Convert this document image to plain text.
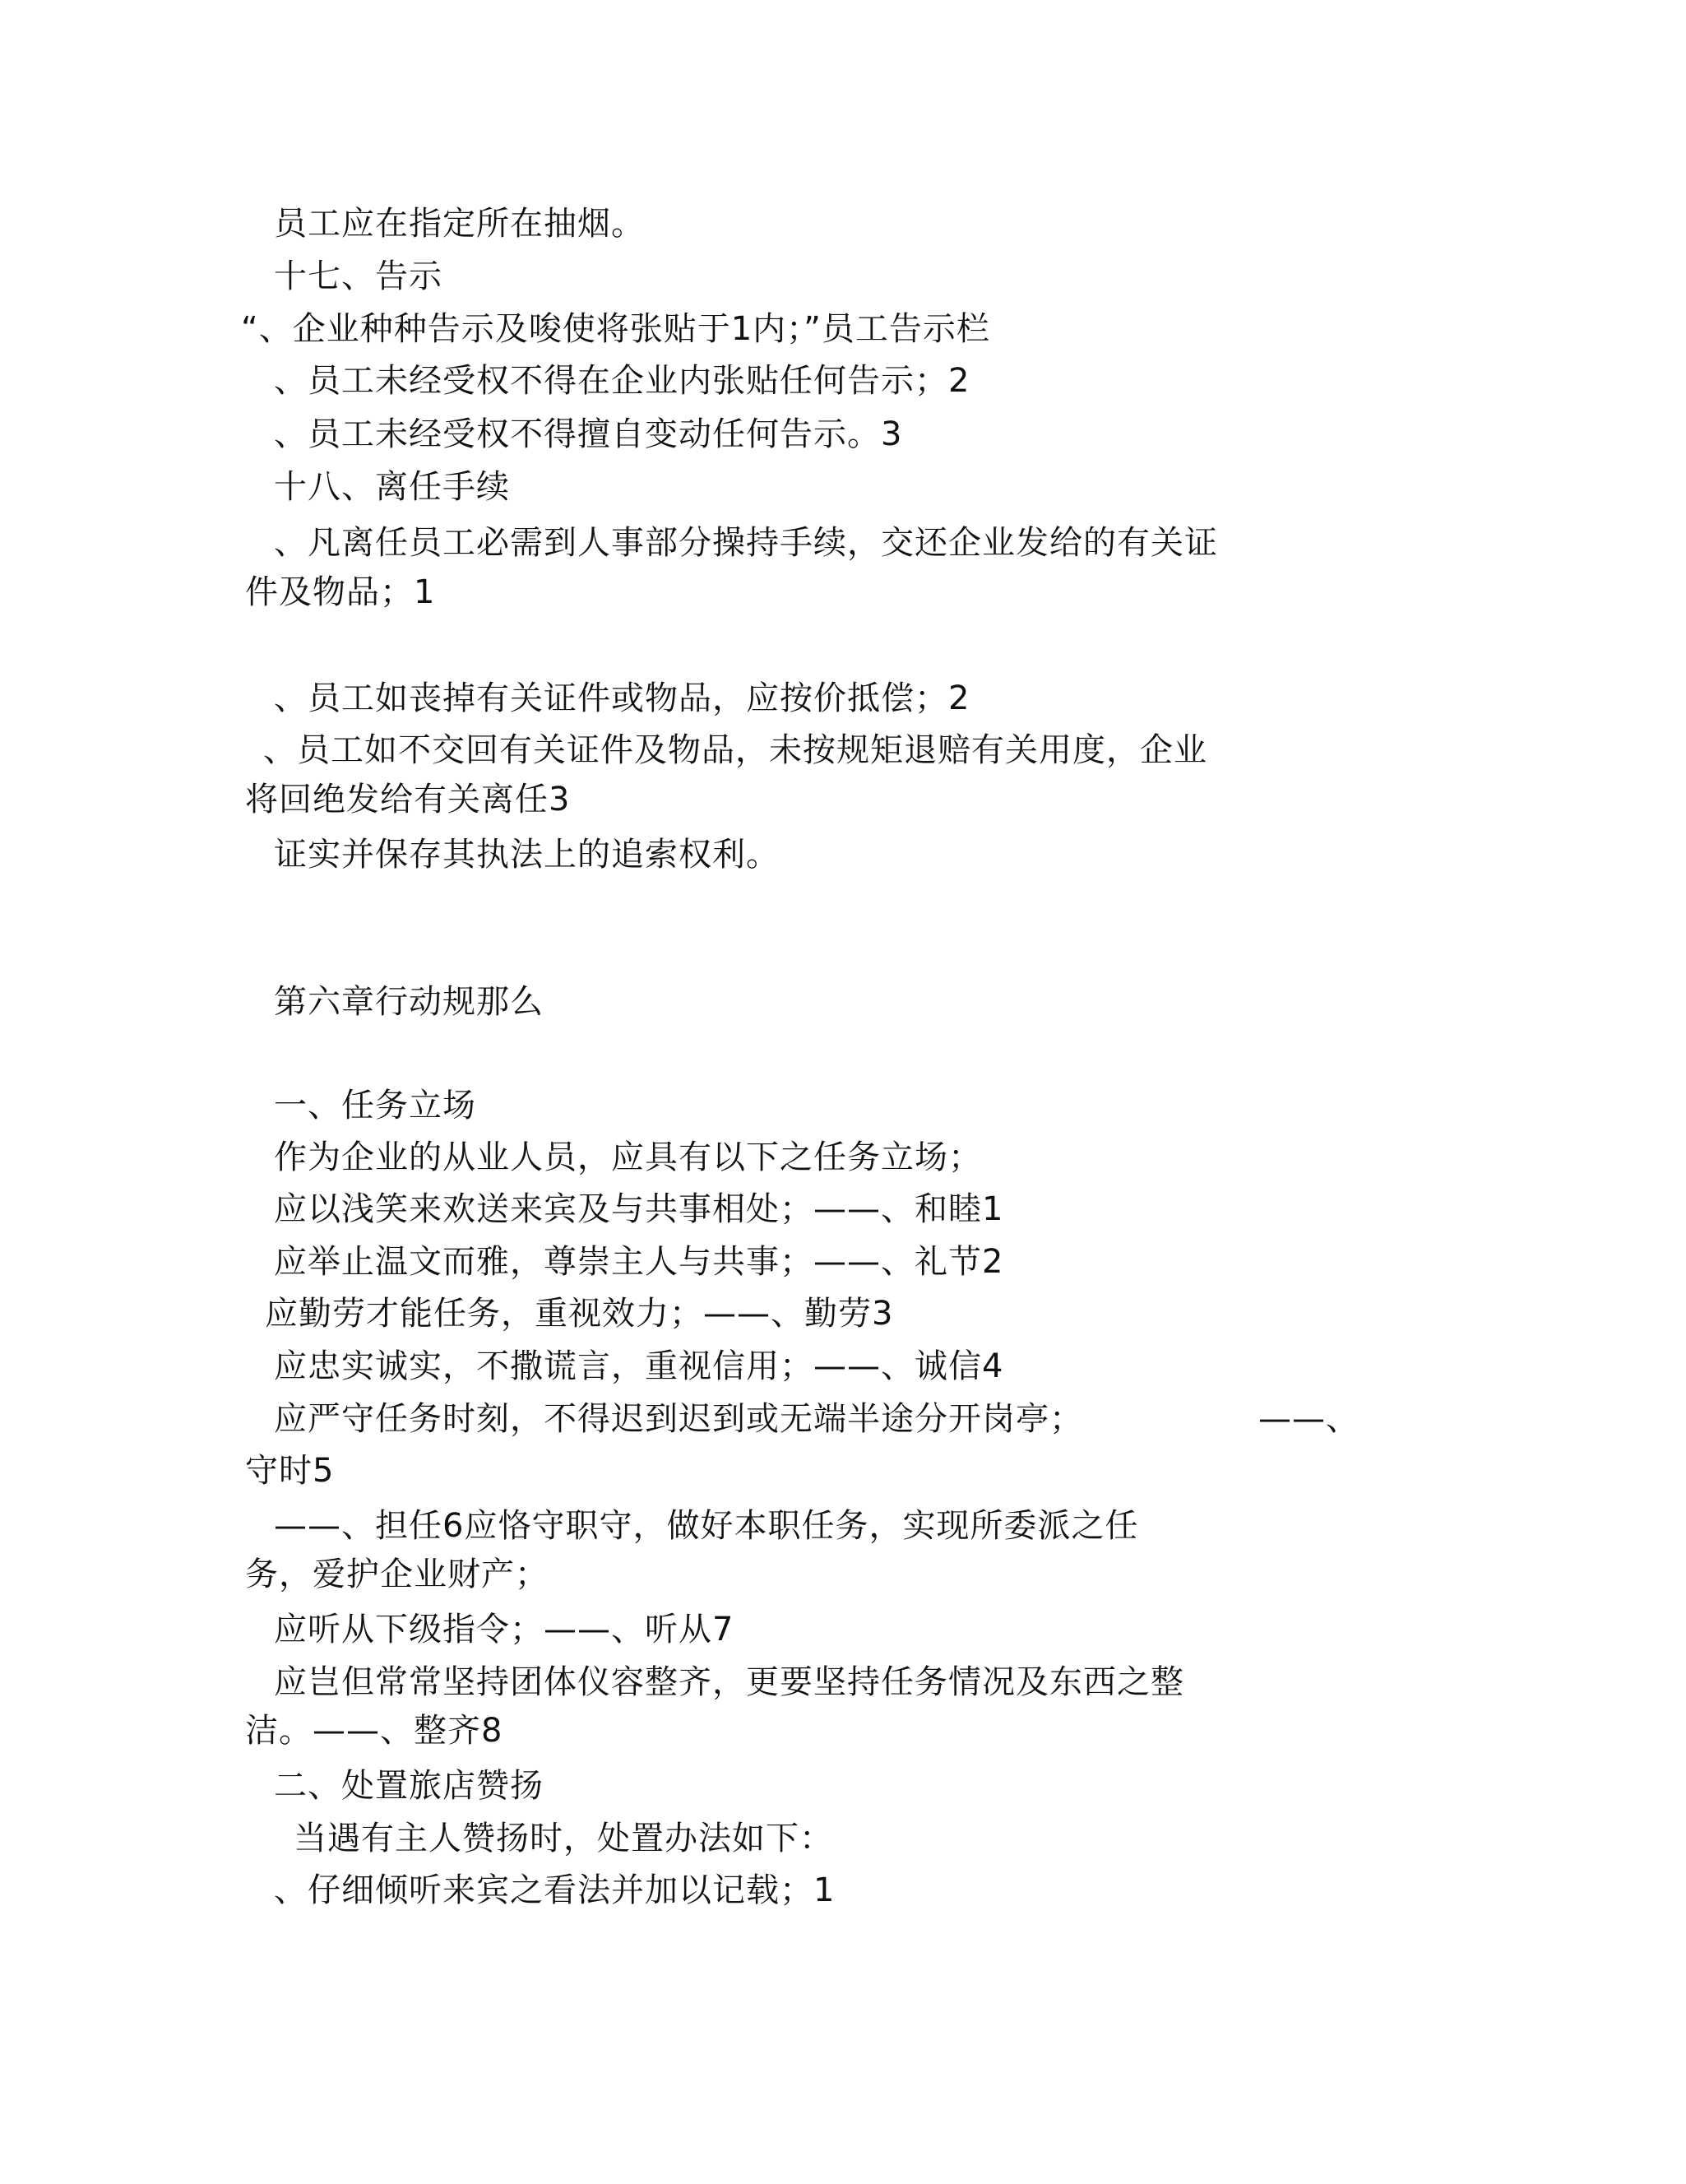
员工应在指定所在抽烟。

十七、告示

“、企业种种告示及唆使将张贴于1内；”员工告示栏

、员工未经受权不得在企业内张贴任何告示；2

、员工未经受权不得擅自变动任何告示。3

十八、离任手续

、凡离任员工必需到人事部分操持手续，交还企业发给的有关证

件及物品；1

、员工如丧掉有关证件或物品，应按价抵偿；2

、员工如不交回有关证件及物品，未按规矩退赔有关用度，企业

将回绝发给有关离任3

证实并保存其执法上的追索权利。

第六章行动规那么

一、任务立场

作为企业的从业人员，应具有以下之任务立场；

应以浅笑来欢送来宾及与共事相处；——、和睦1

应举止温文而雅，尊崇主人与共事；——、礼节2

应勤劳才能任务，重视效力；——、勤劳3

应忠实诚实，不撒谎言，重视信用；——、诚信4

应严守任务时刻，不得迟到迟到或无端半途分开岗亭；	——、

守时5

——、担任6应恪守职守，做好本职任务，实现所委派之任

务，爱护企业财产；

应听从下级指令；——、听从7

应岂但常常坚持团体仪容整齐，更要坚持任务情况及东西之整

洁。——、整齐8

二、处置旅店赞扬

当遇有主人赞扬时，处置办法如下：

、仔细倾听来宾之看法并加以记载；1
